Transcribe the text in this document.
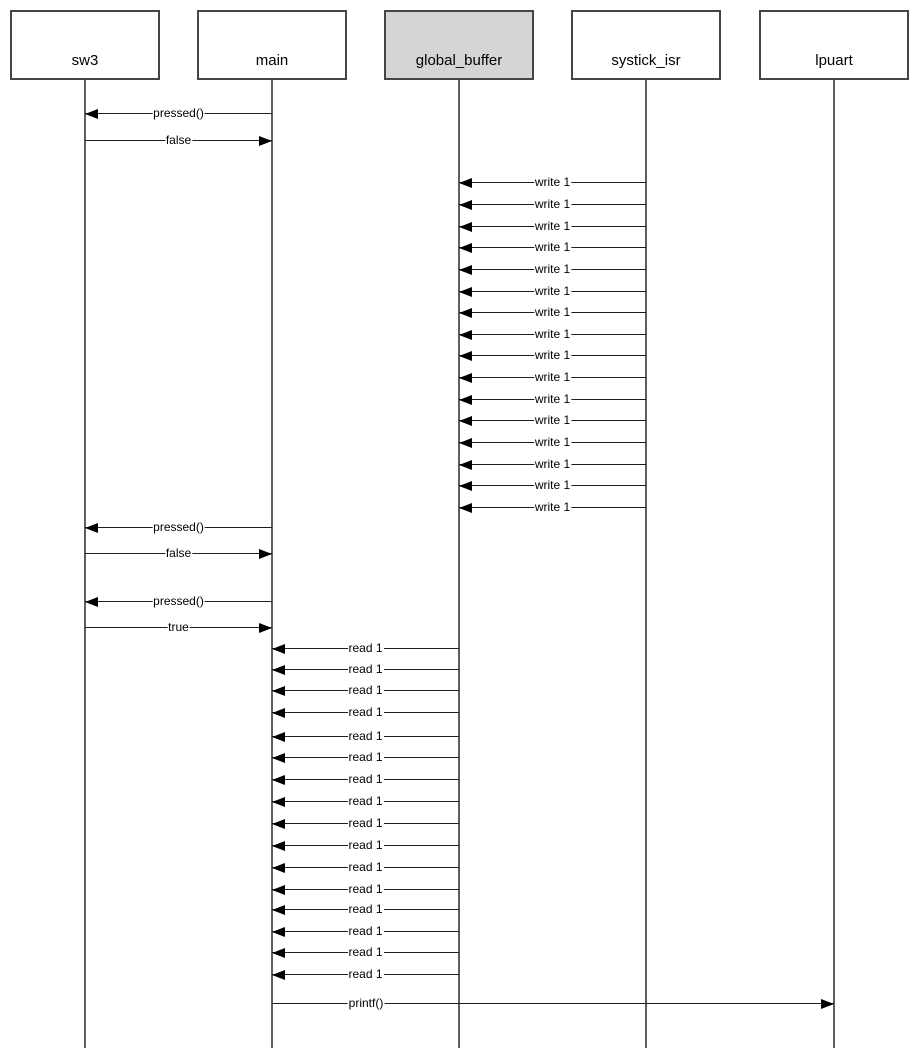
sw3	main	global_buffer	systick_isr	lpuart
pressed()
false
write 1
write 1
write 1
write 1
write 1
write 1
write 1
write 1
write 1
write 1
write 1
write 1
write 1
write 1
write 1
write 1
pressed()
false
pressed()
true
read 1
read 1
read 1
read 1
read 1
read 1
read 1
read 1
read 1
read 1
read 1
read 1
read 1
read 1
read 1
read 1
printf()
